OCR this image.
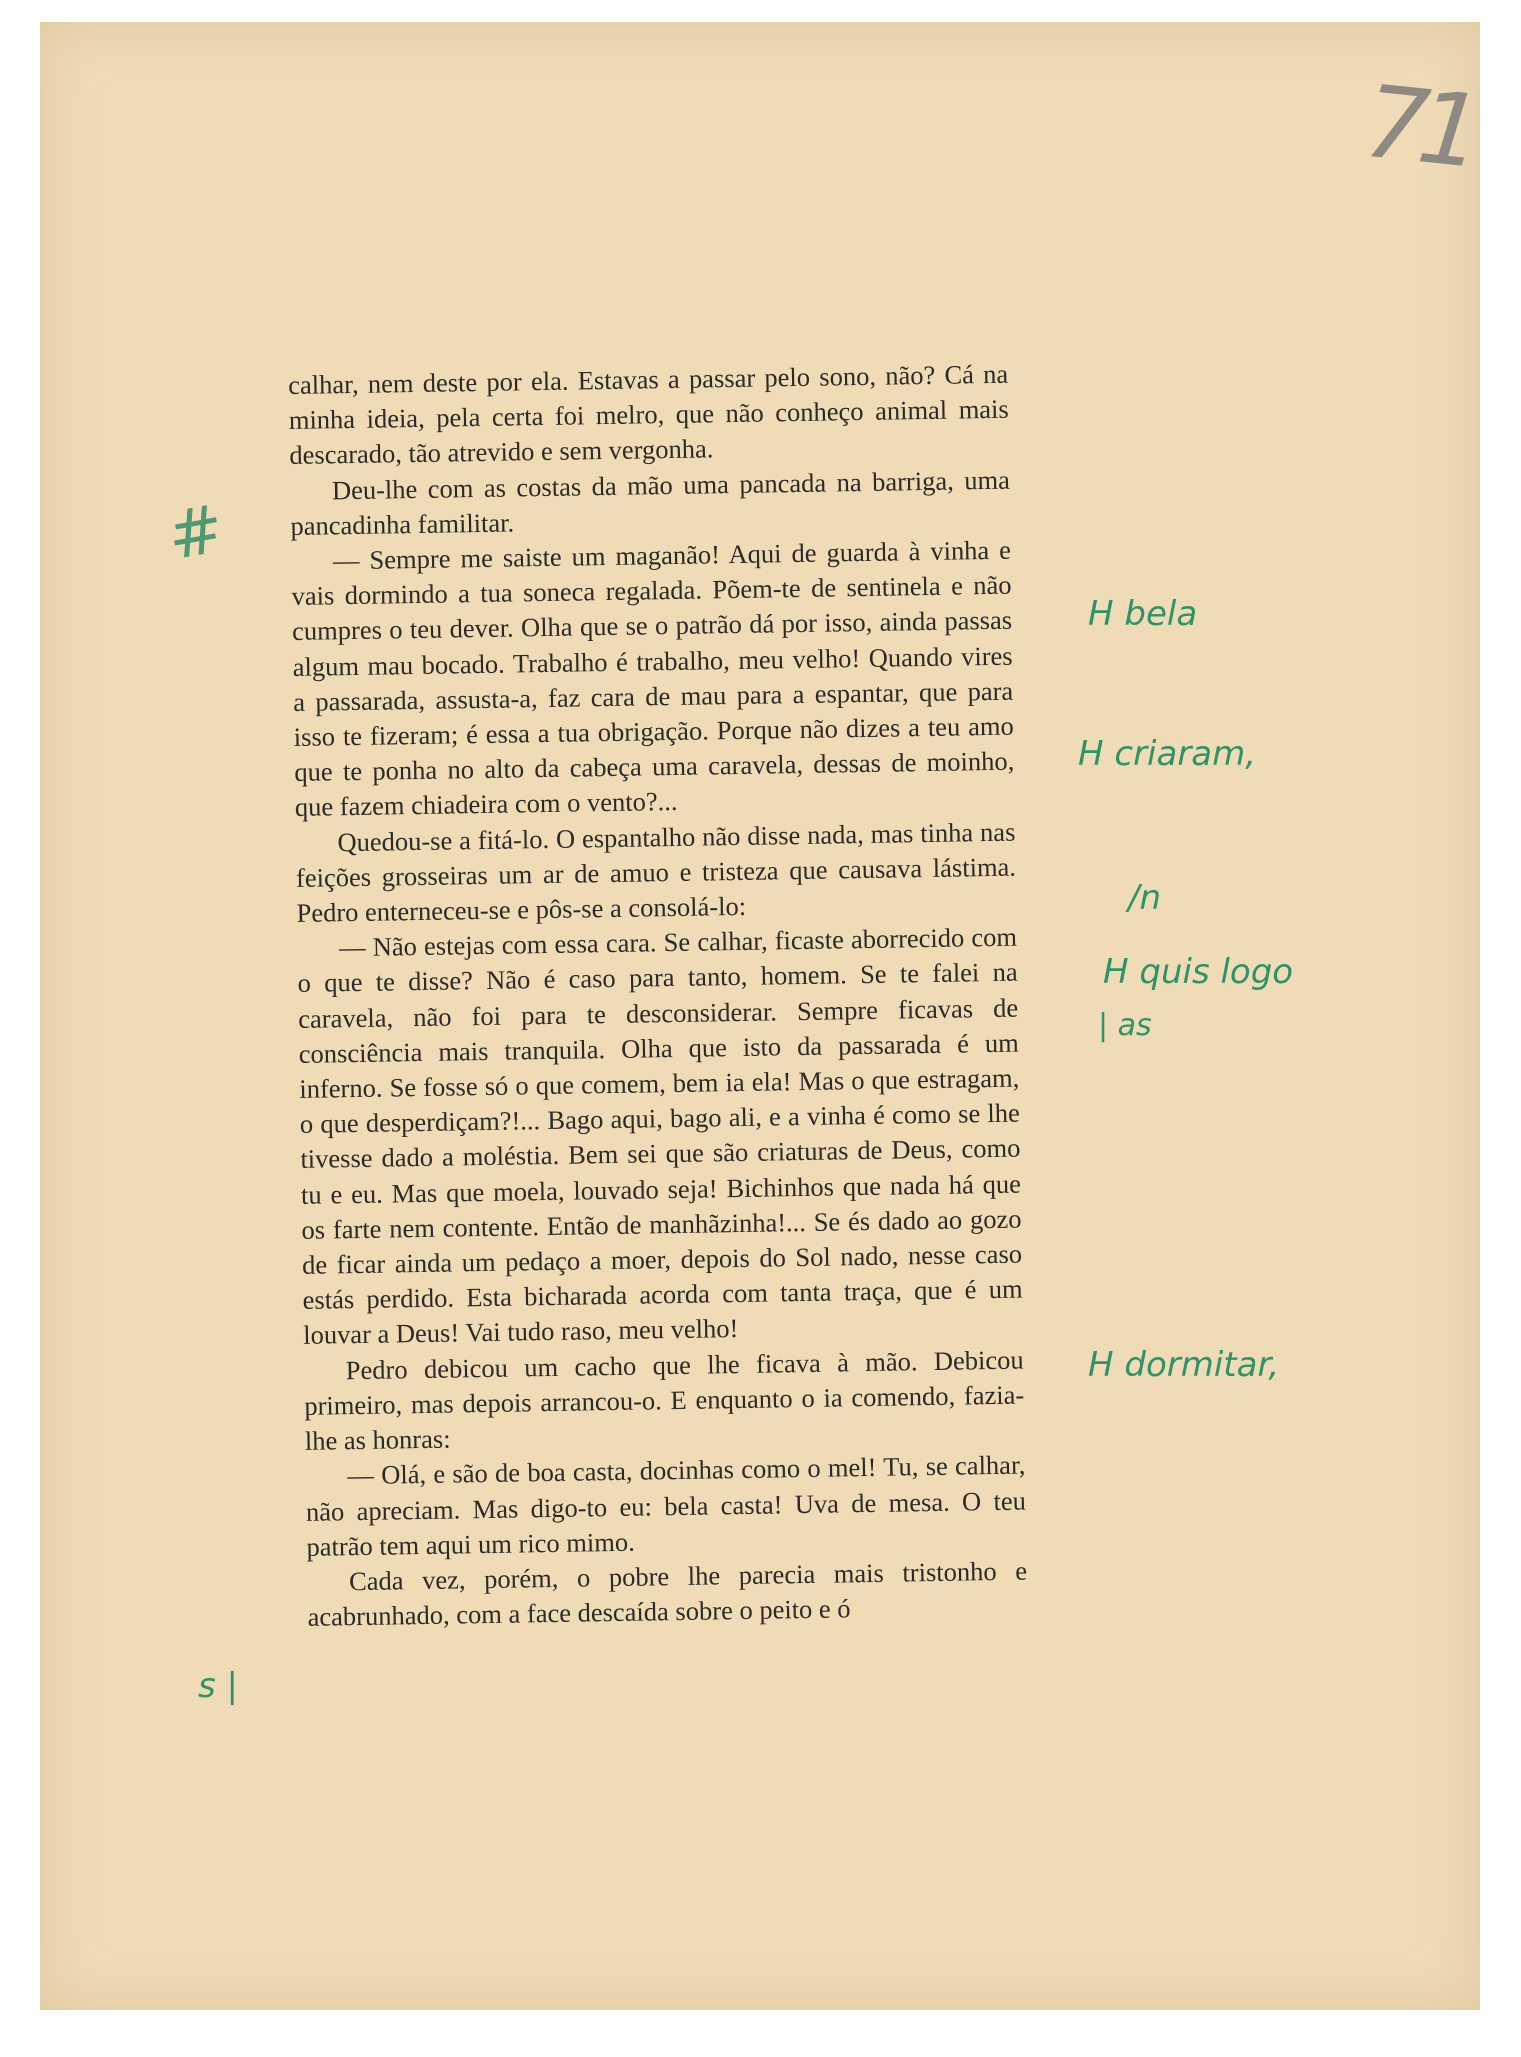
71

calhar, nem deste por ela. Estavas a passar pelo sono, não? Cá na minha ideia, pela certa foi melro, que não conheço animal mais descarado, tão atrevido e sem vergonha.

Deu-lhe com as costas da mão uma pancada na barriga, uma pancadinha familitar.

— Sempre me saiste um maganão! Aqui de guarda à vinha e vais dormindo a tua soneca regalada. Põem-te de sentinela e não cumpres o teu dever. Olha que se o patrão dá por isso, ainda passas algum mau bocado. Trabalho é trabalho, meu velho! Quando vires a passarada, assusta-a, faz cara de mau para a espantar, que para isso te fizeram; é essa a tua obrigação. Porque não dizes a teu amo que te ponha no alto da cabeça uma caravela, dessas de moinho, que fazem chiadeira com o vento?...

Quedou-se a fitá-lo. O espantalho não disse nada, mas tinha nas feições grosseiras um ar de amuo e tristeza que causava lástima. Pedro enterneceu-se e pôs-se a consolá-lo:

— Não estejas com essa cara. Se calhar, ficaste aborrecido com o que te disse? Não é caso para tanto, homem. Se te falei na caravela, não foi para te desconsiderar. Sempre ficavas de consciência mais tranquila. Olha que isto da passarada é um inferno. Se fosse só o que comem, bem ia ela! Mas o que estragam, o que desperdiçam?!... Bago aqui, bago ali, e a vinha é como se lhe tivesse dado a moléstia. Bem sei que são criaturas de Deus, como tu e eu. Mas que moela, louvado seja! Bichinhos que nada há que os farte nem contente. Então de manhãzinha!... Se és dado ao gozo de ficar ainda um pedaço a moer, depois do Sol nado, nesse caso estás perdido. Esta bicharada acorda com tanta traça, que é um louvar a Deus! Vai tudo raso, meu velho!

Pedro debicou um cacho que lhe ficava à mão. Debicou primeiro, mas depois arrancou-o. E enquanto o ia comendo, fazia-lhe as honras:

— Olá, e são de boa casta, docinhas como o mel! Tu, se calhar, não apreciam. Mas digo-to eu: bela casta! Uva de mesa. O teu patrão tem aqui um rico mimo.

Cada vez, porém, o pobre lhe parecia mais tristonho e acabrunhado, com a face descaída sobre o peito e ó

#
H bela
H criaram,
/n
H quis logo
| as
H dormitar,
s |
